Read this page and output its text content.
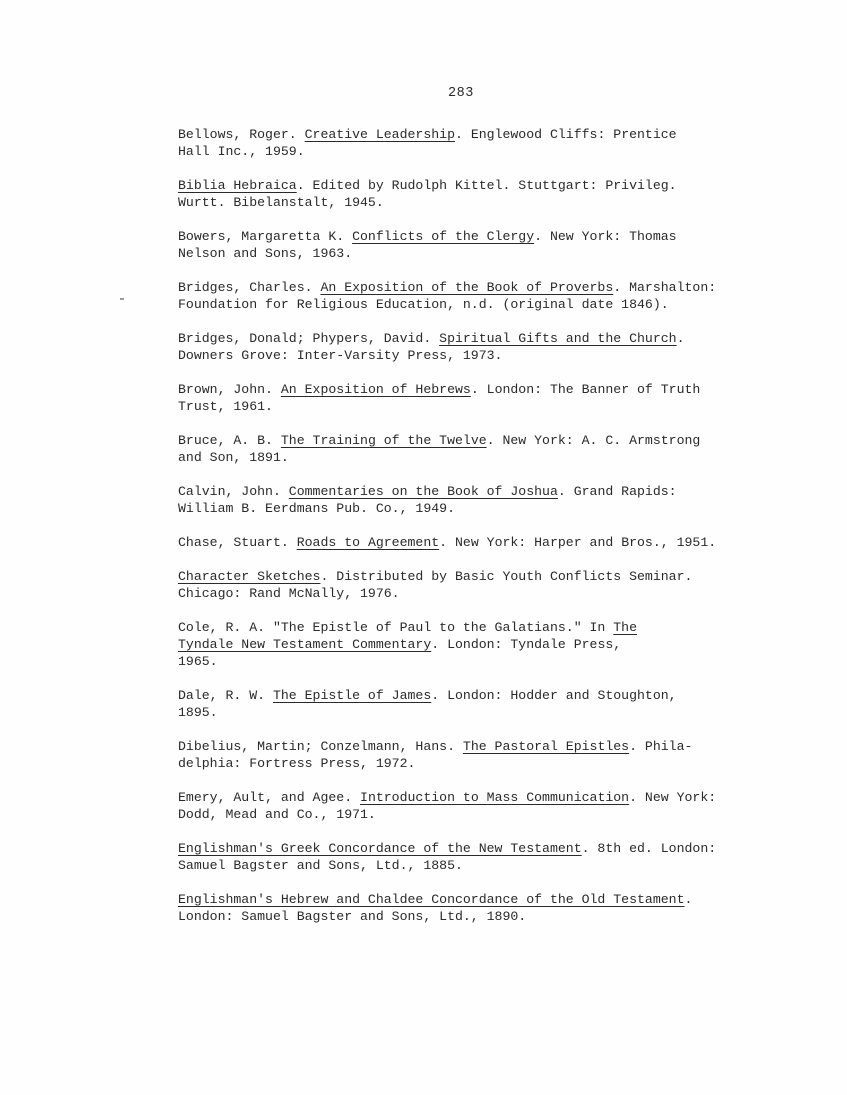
283
Bellows, Roger. Creative Leadership. Englewood Cliffs: Prentice
Hall Inc., 1959.
Biblia Hebraica. Edited by Rudolph Kittel. Stuttgart: Privileg.
Wurtt. Bibelanstalt, 1945.
Bowers, Margaretta K. Conflicts of the Clergy. New York: Thomas
Nelson and Sons, 1963.
Bridges, Charles. An Exposition of the Book of Proverbs. Marshalton:
Foundation for Religious Education, n.d. (original date 1846).
Bridges, Donald; Phypers, David. Spiritual Gifts and the Church.
Downers Grove: Inter-Varsity Press, 1973.
Brown, John. An Exposition of Hebrews. London: The Banner of Truth
Trust, 1961.
Bruce, A. B. The Training of the Twelve. New York: A. C. Armstrong
and Son, 1891.
Calvin, John. Commentaries on the Book of Joshua. Grand Rapids:
William B. Eerdmans Pub. Co., 1949.
Chase, Stuart. Roads to Agreement. New York: Harper and Bros., 1951.
Character Sketches. Distributed by Basic Youth Conflicts Seminar.
Chicago: Rand McNally, 1976.
Cole, R. A. "The Epistle of Paul to the Galatians." In The
Tyndale New Testament Commentary. London: Tyndale Press,
1965.
Dale, R. W. The Epistle of James. London: Hodder and Stoughton,
1895.
Dibelius, Martin; Conzelmann, Hans. The Pastoral Epistles. Phila-
delphia: Fortress Press, 1972.
Emery, Ault, and Agee. Introduction to Mass Communication. New York:
Dodd, Mead and Co., 1971.
Englishman's Greek Concordance of the New Testament. 8th ed. London:
Samuel Bagster and Sons, Ltd., 1885.
Englishman's Hebrew and Chaldee Concordance of the Old Testament.
London: Samuel Bagster and Sons, Ltd., 1890.
